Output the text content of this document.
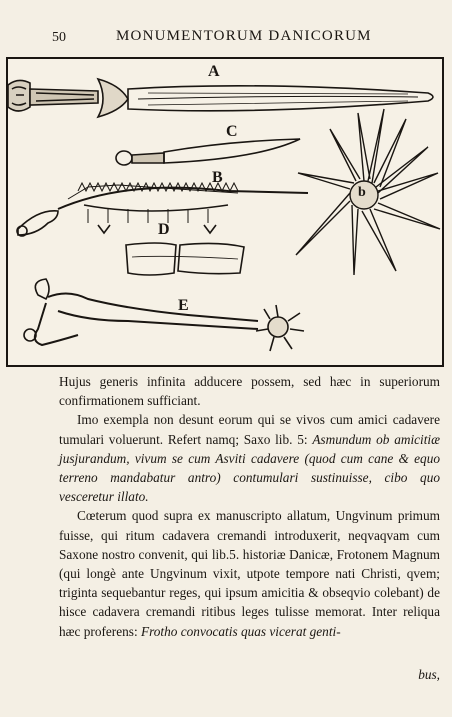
50	MONUMENTORUM DANICORUM
A
C
B
D
E
b

Hujus generis infinita adducere possem, sed hæc in superiorum confirmationem sufficiant.

Imo exempla non desunt eorum qui se vivos cum amici cadavere tumulari voluerunt. Refert namq; Saxo lib. 5: Asmundum ob amicitiæ jusjurandum, vivum se cum Asviti cadavere (quod cum cane & equo terreno mandabatur antro) contumulari sustinuisse, cibo quo vesceretur illato.

Cœterum quod supra ex manuscripto allatum, Ungvinum primum fuisse, qui ritum cadavera cremandi introduxerit, neqvaqvam cum Saxone nostro convenit, qui lib.5. historiæ Danicæ, Frotonem Magnum (qui longè ante Ungvinum vixit, utpote tempore nati Christi, qvem; triginta sequebantur reges, qui ipsum amicitia & obseqvio colebant) de hisce cadavera cremandi ritibus leges tulisse memorat. Inter reliqua hæc proferens: Frotho convocatis quas vicerat genti-

bus,
